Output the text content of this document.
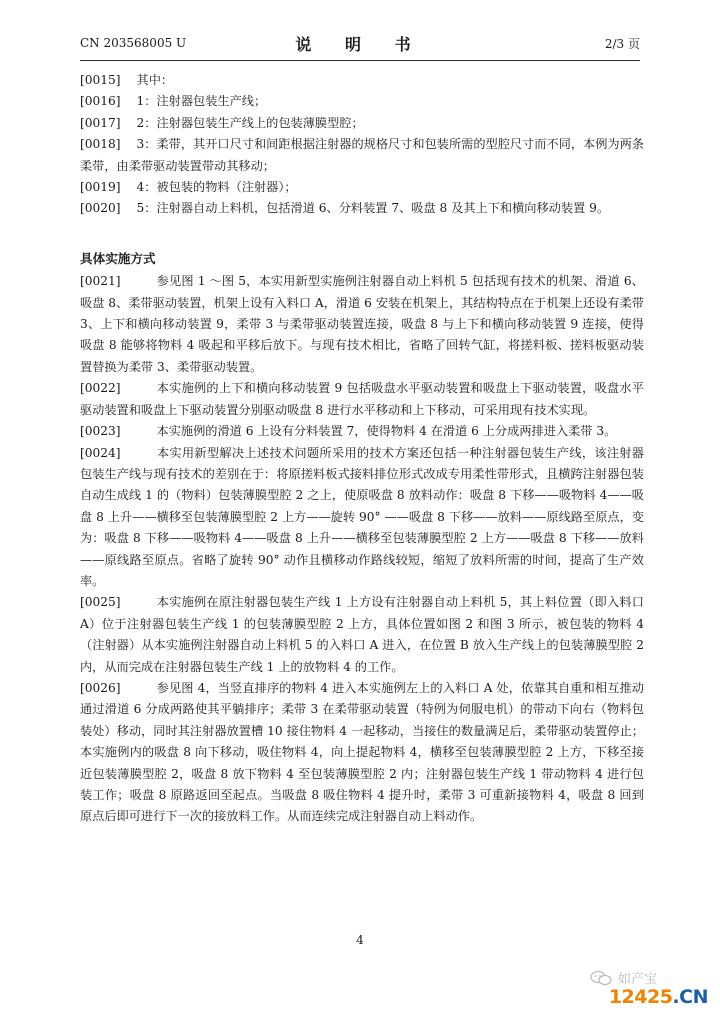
CN 203568005 U	说 明 书	2/3 页

[0015] 其中：

[0016] 1：注射器包装生产线；

[0017] 2：注射器包装生产线上的包装薄膜型腔；

[0018] 3：柔带，其开口尺寸和间距根据注射器的规格尺寸和包装所需的型腔尺寸而不同，本例为两条柔带，由柔带驱动装置带动其移动；

[0019] 4：被包装的物料（注射器）；

[0020] 5：注射器自动上料机，包括滑道 6、分料装置 7、吸盘 8 及其上下和横向移动装置 9。

具体实施方式

[0021]	参见图 1 ～图 5，本实用新型实施例注射器自动上料机 5 包括现有技术的机架、滑道 6、吸盘 8、柔带驱动装置，机架上设有入料口 A，滑道 6 安装在机架上，其结构特点在于机架上还设有柔带 3、上下和横向移动装置 9，柔带 3 与柔带驱动装置连接，吸盘 8 与上下和横向移动装置 9 连接，使得吸盘 8 能够将物料 4 吸起和平移后放下。与现有技术相比，省略了回转气缸，将搓料板、搓料板驱动装置替换为柔带 3、柔带驱动装置。

[0022]	本实施例的上下和横向移动装置 9 包括吸盘水平驱动装置和吸盘上下驱动装置，吸盘水平驱动装置和吸盘上下驱动装置分别驱动吸盘 8 进行水平移动和上下移动，可采用现有技术实现。

[0023]	本实施例的滑道 6 上设有分料装置 7，使得物料 4 在滑道 6 上分成两排进入柔带 3。

[0024]	本实用新型解决上述技术问题所采用的技术方案还包括一种注射器包装生产线，该注射器包装生产线与现有技术的差别在于：将原搓料板式接料排位形式改成专用柔性带形式，且横跨注射器包装自动生成线 1 的（物料）包装薄膜型腔 2 之上，使原吸盘 8 放料动作：吸盘 8 下移——吸物料 4——吸盘 8 上升——横移至包装薄膜型腔 2 上方——旋转 90° ——吸盘 8 下移——放料——原线路至原点，变为：吸盘 8 下移——吸物料 4——吸盘 8 上升——横移至包装薄膜型腔 2 上方——吸盘 8 下移——放料——原线路至原点。省略了旋转 90° 动作且横移动作路线较短，缩短了放料所需的时间，提高了生产效率。

[0025]	本实施例在原注射器包装生产线 1 上方设有注射器自动上料机 5，其上料位置（即入料口 A）位于注射器包装生产线 1 的包装薄膜型腔 2 上方，具体位置如图 2 和图 3 所示，被包装的物料 4 （注射器）从本实施例注射器自动上料机 5 的入料口 A 进入，在位置 B 放入生产线上的包装薄膜型腔 2 内，从而完成在注射器包装生产线 1 上的放物料 4 的工作。

[0026]	参见图 4，当竖直排序的物料 4 进入本实施例左上的入料口 A 处，依靠其自重和相互推动通过滑道 6 分成两路使其平躺排序；柔带 3 在柔带驱动装置（特例为伺服电机）的带动下向右（物料包装处）移动，同时其注射器放置槽 10 接住物料 4 一起移动，当接住的数量满足后，柔带驱动装置停止；本实施例内的吸盘 8 向下移动，吸住物料 4，向上提起物料 4，横移至包装薄膜型腔 2 上方，下移至接近包装薄膜型腔 2，吸盘 8 放下物料 4 至包装薄膜型腔 2 内；注射器包装生产线 1 带动物料 4 进行包装工作；吸盘 8 原路返回至起点。当吸盘 8 吸住物料 4 提升时，柔带 3 可重新接物料 4，吸盘 8 回到原点后即可进行下一次的接放料工作。从而连续完成注射器自动上料动作。

4
如产宝
12425.CN
